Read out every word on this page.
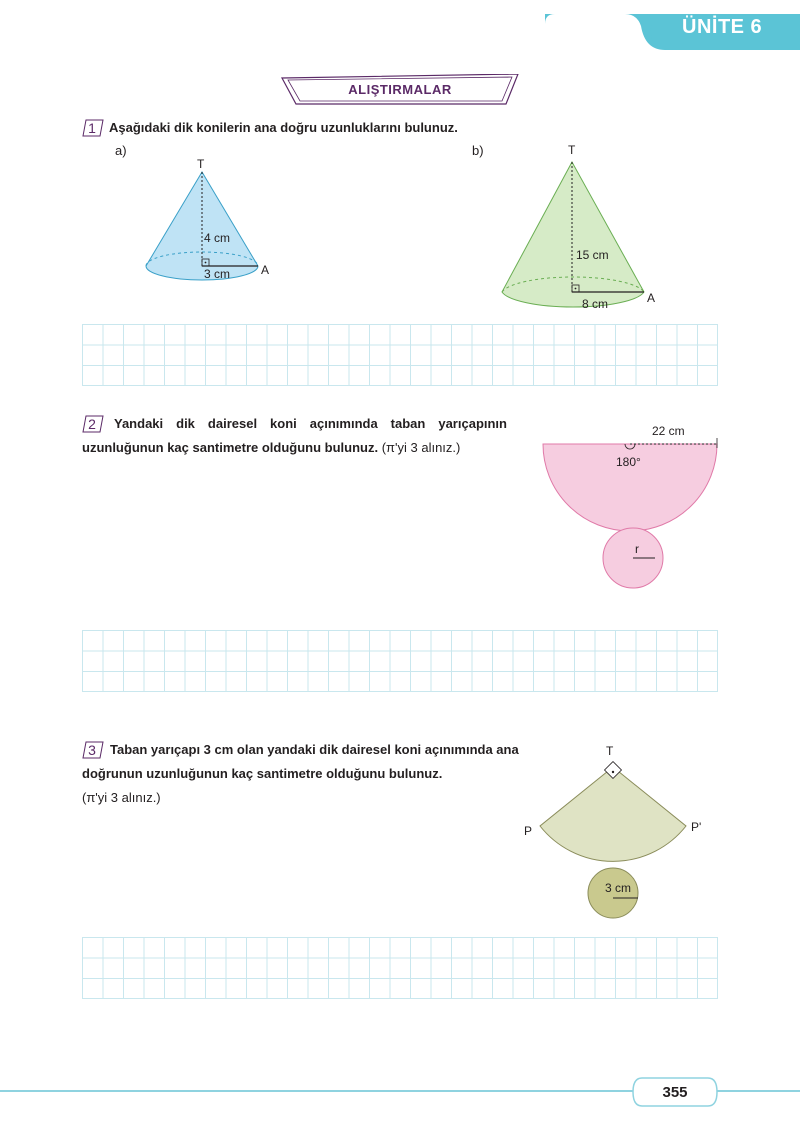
ÜNİTE 6
ALIŞTIRMALAR
1	Aşağıdaki dik konilerin ana doğru uzunluklarını bulunuz.
a)	b)
T
4 cm
3 cm	A
T
15 cm
8 cm	A
2	Yandaki dik dairesel koni açınımında taban yarıçapının uzunluğunun kaç santimetre olduğunu bulunuz. (π'yi 3 alınız.)
22 cm
180°
r
3	Taban yarıçapı 3 cm olan yandaki dik dairesel koni açınımında ana doğrunun uzunluğunun kaç santimetre olduğunu bulunuz.
(π'yi 3 alınız.)
T
P	P'
3 cm
355
